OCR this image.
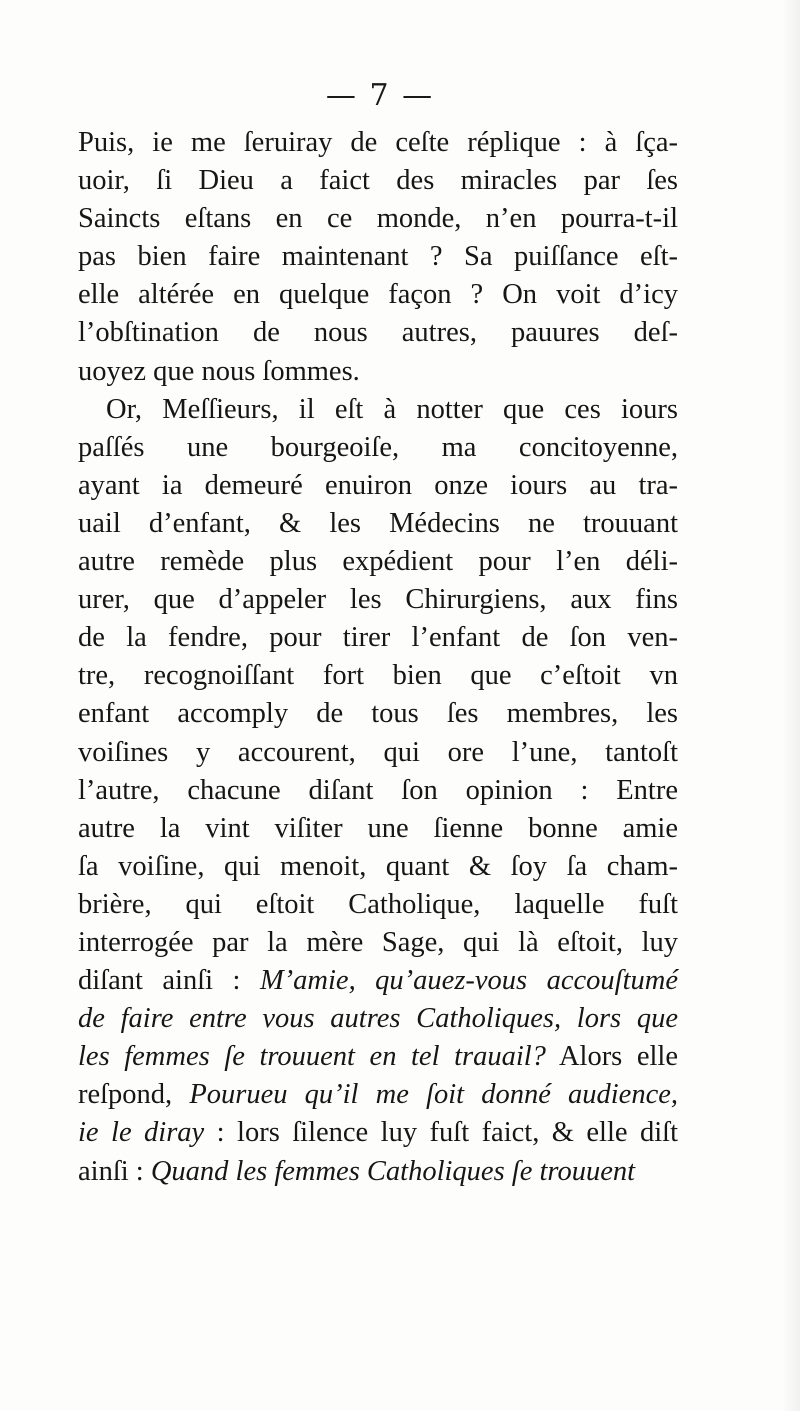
— 7 —
Puis, ie me ſeruiray de ceſte réplique : à ſça-
uoir, ſi Dieu a faict des miracles par ſes
Saincts eſtans en ce monde, n’en pourra-t-il
pas bien faire maintenant ? Sa puiſſance eſt-
elle altérée en quelque façon ? On voit d’icy
l’obſtination de nous autres, pauures deſ-
uoyez que nous ſommes.
Or, Meſſieurs, il eſt à notter que ces iours
paſſés une bourgeoiſe, ma concitoyenne,
ayant ia demeuré enuiron onze iours au tra-
uail d’enfant, & les Médecins ne trouuant
autre remède plus expédient pour l’en déli-
urer, que d’appeler les Chirurgiens, aux fins
de la fendre, pour tirer l’enfant de ſon ven-
tre, recognoiſſant fort bien que c’eſtoit vn
enfant accomply de tous ſes membres, les
voiſines y accourent, qui ore l’une, tantoſt
l’autre, chacune diſant ſon opinion : Entre
autre la vint viſiter une ſienne bonne amie
ſa voiſine, qui menoit, quant & ſoy ſa cham-
brière, qui eſtoit Catholique, laquelle fuſt
interrogée par la mère Sage, qui là eſtoit, luy
diſant ainſi : M’amie, qu’auez-vous accouſtumé
de faire entre vous autres Catholiques, lors que
les femmes ſe trouuent en tel trauail? Alors elle
reſpond, Pourueu qu’il me ſoit donné audience,
ie le diray : lors ſilence luy fuſt faict, & elle diſt
ainſi : Quand les femmes Catholiques ſe trouuent
